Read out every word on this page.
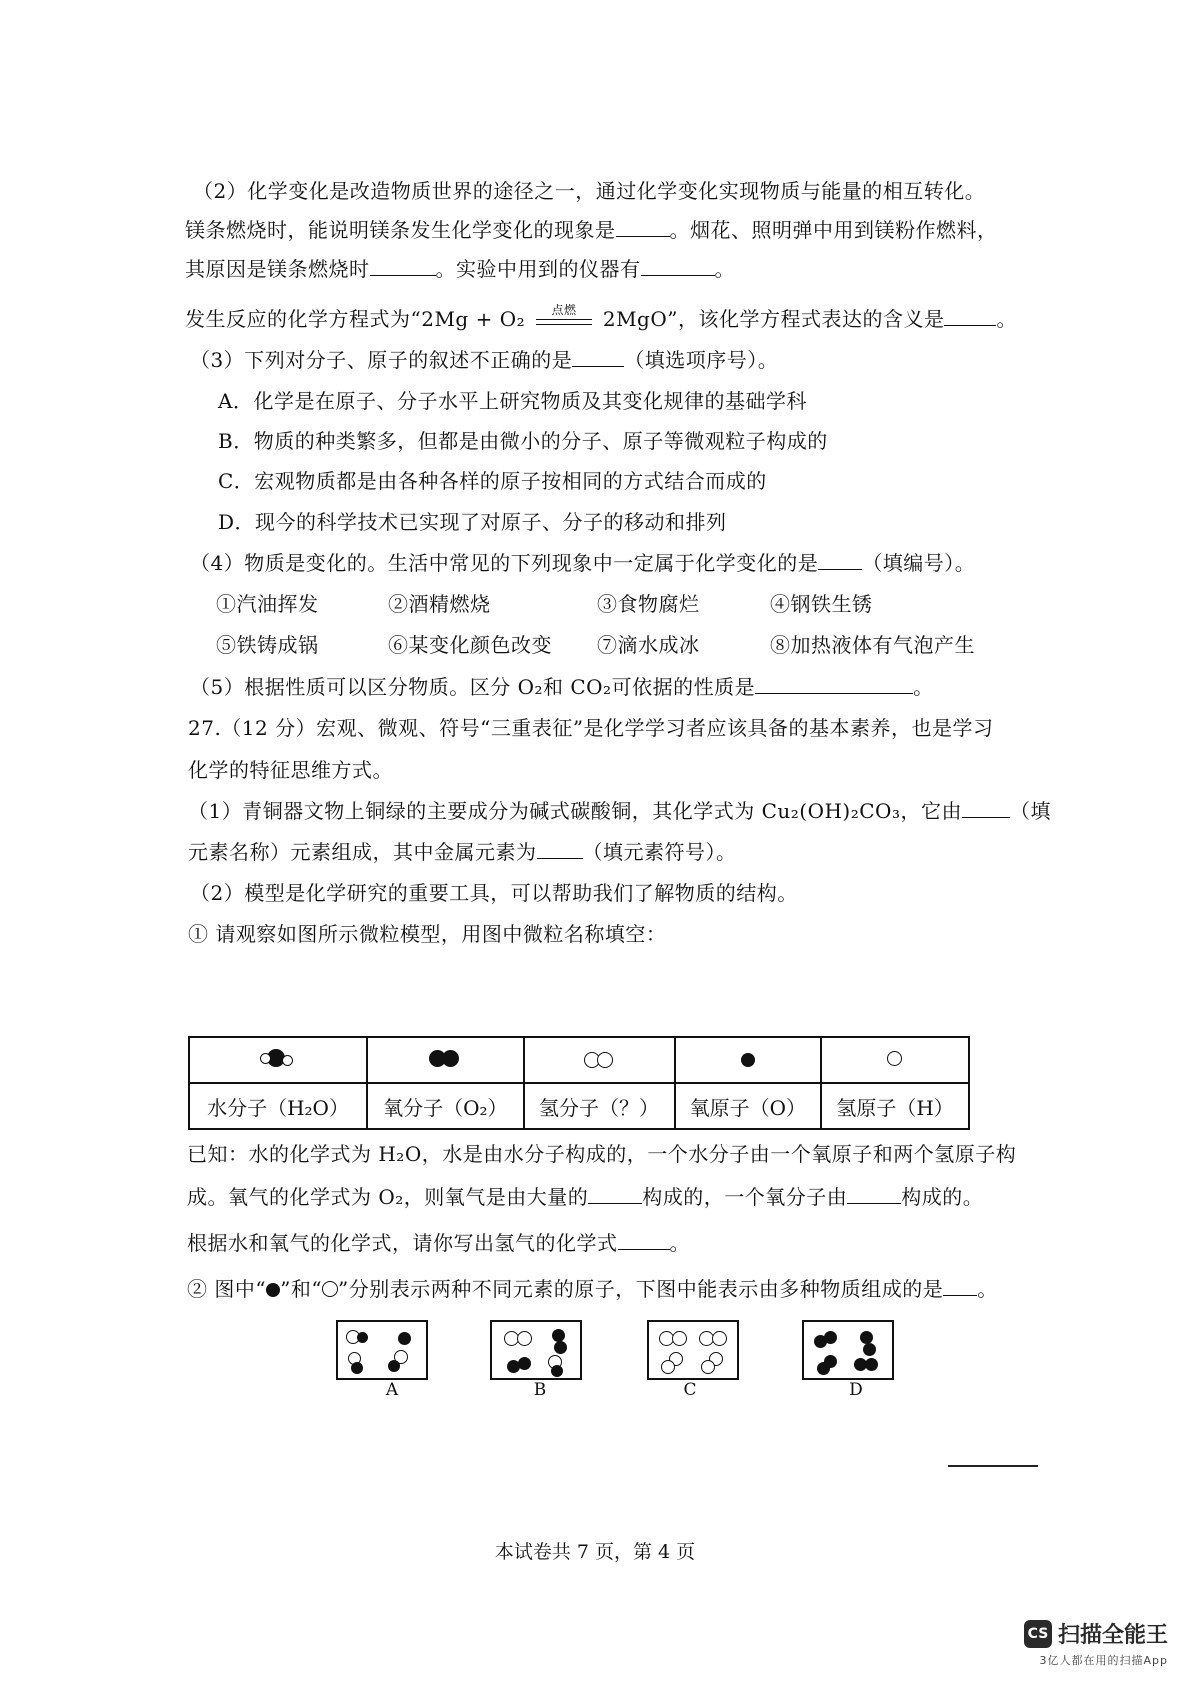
（2）化学变化是改造物质世界的途径之一，通过化学变化实现物质与能量的相互转化。
镁条燃烧时，能说明镁条发生化学变化的现象是	。烟花、照明弹中用到镁粉作燃料，
其原因是镁条燃烧时	。实验中用到的仪器有	。
发生反应的化学方程式为“2Mg + O₂	点燃	2MgO”，该化学方程式表达的含义是	。
（3）下列对分子、原子的叙述不正确的是	（填选项序号）。
A．化学是在原子、分子水平上研究物质及其变化规律的基础学科
B．物质的种类繁多，但都是由微小的分子、原子等微观粒子构成的
C．宏观物质都是由各种各样的原子按相同的方式结合而成的
D．现今的科学技术已实现了对原子、分子的移动和排列
（4）物质是变化的。生活中常见的下列现象中一定属于化学变化的是 （填编号）。
①汽油挥发	②酒精燃烧	③食物腐烂	④钢铁生锈
⑤铁铸成锅	⑥某变化颜色改变 ⑦滴水成冰	⑧加热液体有气泡产生
（5）根据性质可以区分物质。区分 O₂和 CO₂可依据的性质是	。
27.（12 分）宏观、微观、符号“三重表征”是化学学习者应该具备的基本素养，也是学习
化学的特征思维方式。
（1）青铜器文物上铜绿的主要成分为碱式碳酸铜，其化学式为 Cu₂(OH)₂CO₃，它由 （填
元素名称）元素组成，其中金属元素为 （填元素符号）。
（2）模型是化学研究的重要工具，可以帮助我们了解物质的结构。
① 请观察如图所示微粒模型，用图中微粒名称填空：

水分子（H₂O）	氧分子（O₂）	氢分子（？）	氧原子（O）	氢原子（H）
已知：水的化学式为 H₂O，水是由水分子构成的，一个水分子由一个氧原子和两个氢原子构
成。氧气的化学式为 O₂，则氧气是由大量的	构成的，一个氧分子由	构成的。
根据水和氧气的化学式，请你写出氢气的化学式	。
② 图中“ ”和“ ”分别表示两种不同元素的原子，下图中能表示由多种物质组成的是 。
A	B	C	D
本试卷共 7 页，第 4 页
CS 扫描全能王
3亿人都在用的扫描App
